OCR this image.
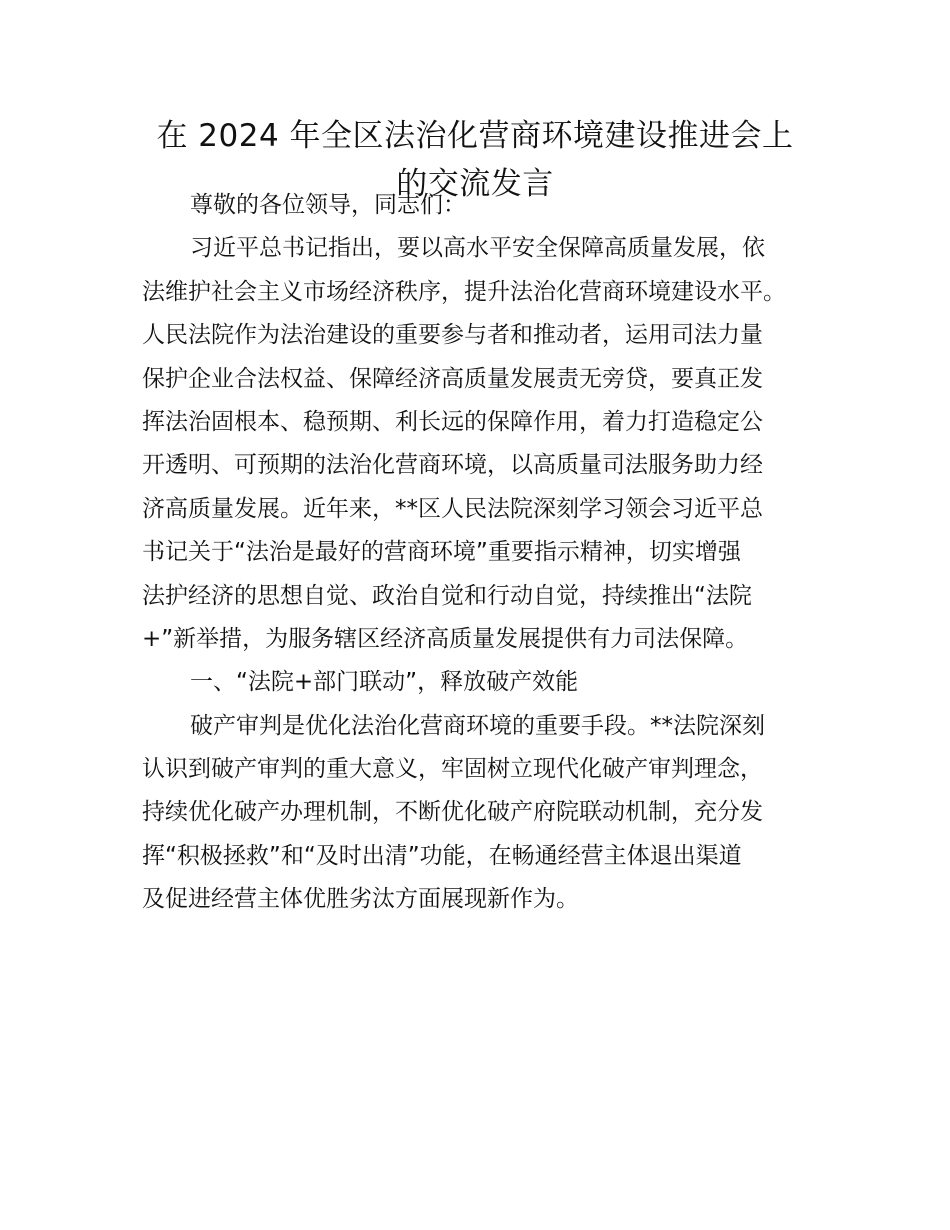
在 2024 年全区法治化营商环境建设推进会上
的交流发言
尊敬的各位领导，同志们：
习近平总书记指出，要以高水平安全保障高质量发展，依
法维护社会主义市场经济秩序，提升法治化营商环境建设水平。
人民法院作为法治建设的重要参与者和推动者，运用司法力量
保护企业合法权益、保障经济高质量发展责无旁贷，要真正发
挥法治固根本、稳预期、利长远的保障作用，着力打造稳定公
开透明、可预期的法治化营商环境，以高质量司法服务助力经
济高质量发展。近年来，**区人民法院深刻学习领会习近平总
书记关于“法治是最好的营商环境”重要指示精神，切实增强
法护经济的思想自觉、政治自觉和行动自觉，持续推出“法院
+”新举措，为服务辖区经济高质量发展提供有力司法保障。
一、“法院+部门联动”，释放破产效能
破产审判是优化法治化营商环境的重要手段。**法院深刻
认识到破产审判的重大意义，牢固树立现代化破产审判理念，
持续优化破产办理机制，不断优化破产府院联动机制，充分发
挥“积极拯救”和“及时出清”功能，在畅通经营主体退出渠道
及促进经营主体优胜劣汰方面展现新作为。
